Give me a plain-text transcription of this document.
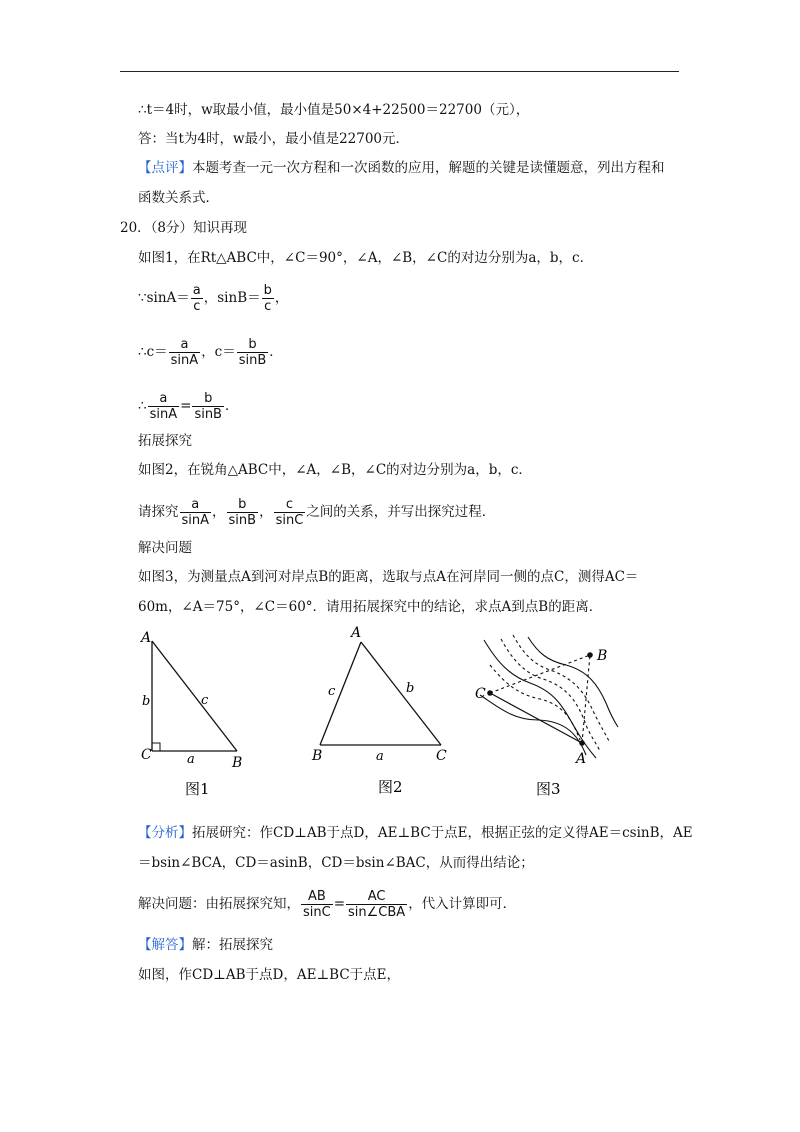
∴t＝4时，w取最小值，最小值是50×4+22500＝22700（元），
答：当t为4时，w最小，最小值是22700元．
【点评】本题考查一元一次方程和一次函数的应用，解题的关键是读懂题意，列出方程和
函数关系式．
20．（8分）知识再现
如图1，在Rt△ABC中，∠C＝90°，∠A，∠B，∠C的对边分别为a，b，c．
∵sinA＝ $\frac{a}{c}$ ，$\sin B= \frac{b}{c}$ ，
∴c＝ $\frac{a}{\sin A}$ ，$c= \frac{b}{\sin B}$ ．
∴ $\frac{a}{\sin A} = \frac{b}{\sin B}$ ．
拓展探究
如图2，在锐角△ABC中，∠A，∠B，∠C的对边分别为a，b，c．
请探究 $\frac{a}{\sin A}$ ， $\frac{b}{\sin B}$ ， $\frac{c}{\sin C}$ 之间的关系，并写出探究过程．
解决问题
如图3，为测量点A到河对岸点B的距离，选取与点A在河岸同一侧的点C，测得AC＝
60m，∠A＝75°，∠C＝60°．请用拓展探究中的结论，求点A到点B的距离．
A
C	B
b	c
a
图1
A
B	C
c	b
a
图2
C
A
B
图3
【分析】拓展研究：作CD⊥AB于点D，AE⊥BC于点E，根据正弦的定义得AE＝csinB，AE
＝bsin∠BCA，CD＝asinB，CD＝bsin∠BAC，从而得出结论；
解决问题：由拓展探究知， $\frac{AB}{\sin C} = \frac{AC}{\text{sin∠CBA}}$ ，代入计算即可．
【解答】解：拓展探究
如图，作CD⊥AB于点D，AE⊥BC于点E，
